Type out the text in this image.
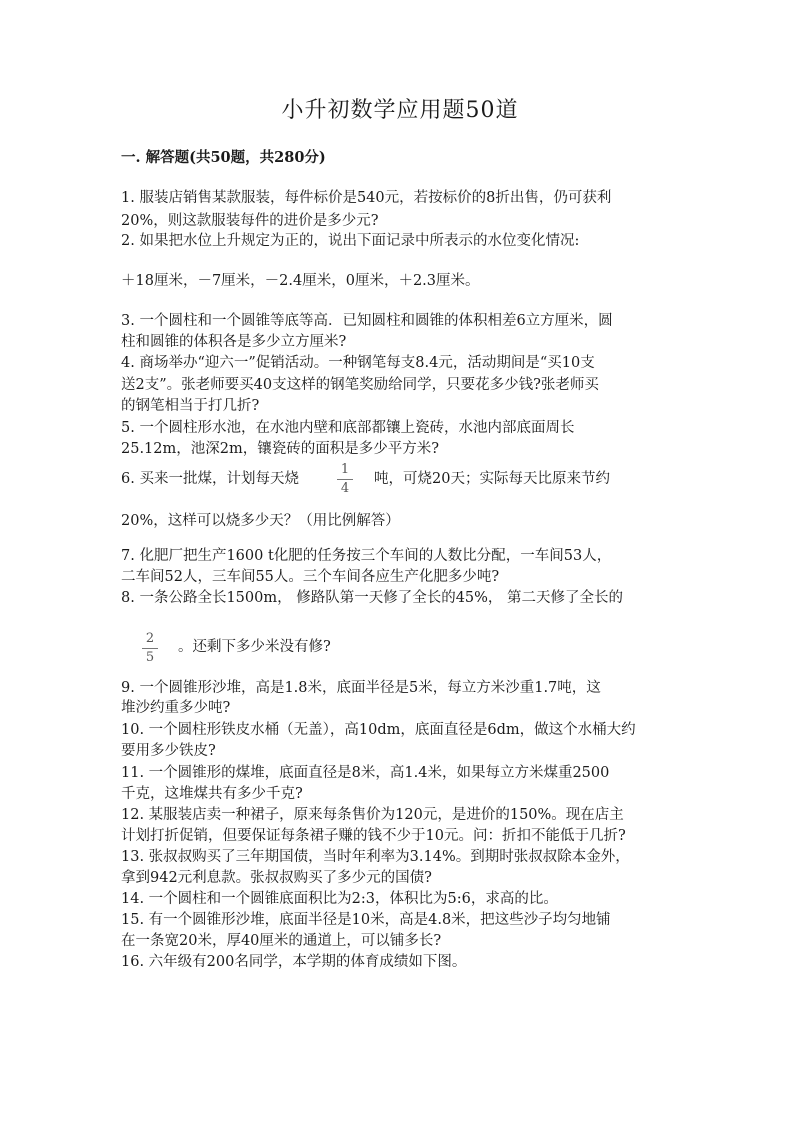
小升初数学应用题50道
一. 解答题(共50题，共280分)
1. 服装店销售某款服装，每件标价是540元，若按标价的8折出售，仍可获利
20%，则这款服装每件的进价是多少元?
2. 如果把水位上升规定为正的，说出下面记录中所表示的水位变化情况:
＋18厘米，－7厘米，－2.4厘米，0厘米，＋2.3厘米。
3. 一个圆柱和一个圆锥等底等高．已知圆柱和圆锥的体积相差6立方厘米，圆
柱和圆锥的体积各是多少立方厘米?
4. 商场举办“迎六一”促销活动。一种钢笔每支8.4元，活动期间是“买10支
送2支”。张老师要买40支这样的钢笔奖励给同学，只要花多少钱?张老师买
的钢笔相当于打几折?
5. 一个圆柱形水池，在水池内壁和底部都镶上瓷砖，水池内部底面周长
25.12m，池深2m，镶瓷砖的面积是多少平方米?
6. 买来一批煤，计划每天烧
1
4
吨，可烧20天；实际每天比原来节约
20%，这样可以烧多少天？（用比例解答）
7. 化肥厂把生产1600 t化肥的任务按三个车间的人数比分配，一车间53人，
二车间52人，三车间55人。三个车间各应生产化肥多少吨?
8. 一条公路全长1500m， 修路队第一天修了全长的45%， 第二天修了全长的
2
5
。还剩下多少米没有修?
9. 一个圆锥形沙堆，高是1.8米，底面半径是5米，每立方米沙重1.7吨，这
堆沙约重多少吨?
10. 一个圆柱形铁皮水桶（无盖），高10dm，底面直径是6dm，做这个水桶大约
要用多少铁皮?
11. 一个圆锥形的煤堆，底面直径是8米，高1.4米，如果每立方米煤重2500
千克，这堆煤共有多少千克?
12. 某服装店卖一种裙子，原来每条售价为120元，是进价的150%。现在店主
计划打折促销，但要保证每条裙子赚的钱不少于10元。问：折扣不能低于几折?
13. 张叔叔购买了三年期国债，当时年利率为3.14%。到期时张叔叔除本金外，
拿到942元利息款。张叔叔购买了多少元的国债?
14. 一个圆柱和一个圆锥底面积比为2:3，体积比为5:6，求高的比。
15. 有一个圆锥形沙堆，底面半径是10米，高是4.8米，把这些沙子均匀地铺
在一条宽20米，厚40厘米的通道上，可以铺多长?
16. 六年级有200名同学，本学期的体育成绩如下图。
